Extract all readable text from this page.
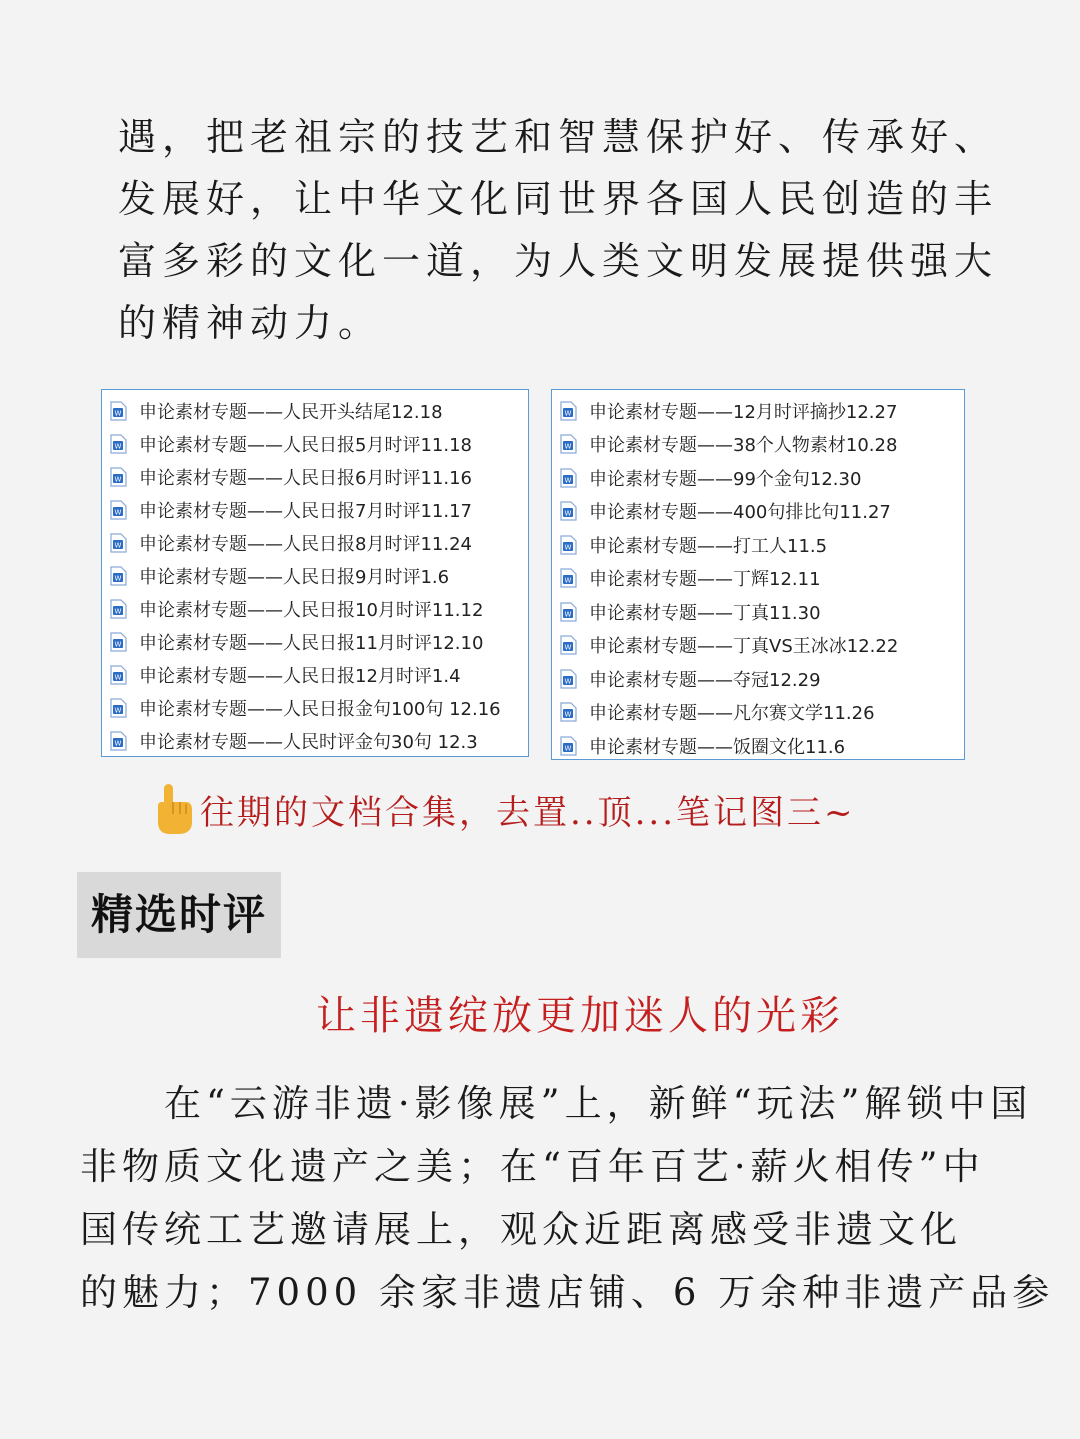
遇，把老祖宗的技艺和智慧保护好、传承好、
发展好，让中华文化同世界各国人民创造的丰
富多彩的文化一道，为人类文明发展提供强大
的精神动力。
W 申论素材专题——人民开头结尾12.18
W 申论素材专题——人民日报5月时评11.18
W 申论素材专题——人民日报6月时评11.16
W 申论素材专题——人民日报7月时评11.17
W 申论素材专题——人民日报8月时评11.24
W 申论素材专题——人民日报9月时评1.6
W 申论素材专题——人民日报10月时评11.12
W 申论素材专题——人民日报11月时评12.10
W 申论素材专题——人民日报12月时评1.4
W 申论素材专题——人民日报金句100句 12.16
W 申论素材专题——人民时评金句30句 12.3
W 申论素材专题——12月时评摘抄12.27
W 申论素材专题——38个人物素材10.28
W 申论素材专题——99个金句12.30
W 申论素材专题——400句排比句11.27
W 申论素材专题——打工人11.5
W 申论素材专题——丁辉12.11
W 申论素材专题——丁真11.30
W 申论素材专题——丁真VS王冰冰12.22
W 申论素材专题——夺冠12.29
W 申论素材专题——凡尔赛文学11.26
W 申论素材专题——饭圈文化11.6
往期的文档合集，去置..顶...笔记图三~
精选时评
让非遗绽放更加迷人的光彩
在“云游非遗·影像展”上，新鲜“玩法”解锁中国
非物质文化遗产之美；在“百年百艺·薪火相传”中
国传统工艺邀请展上，观众近距离感受非遗文化
的魅力；7000 余家非遗店铺、6 万余种非遗产品参
